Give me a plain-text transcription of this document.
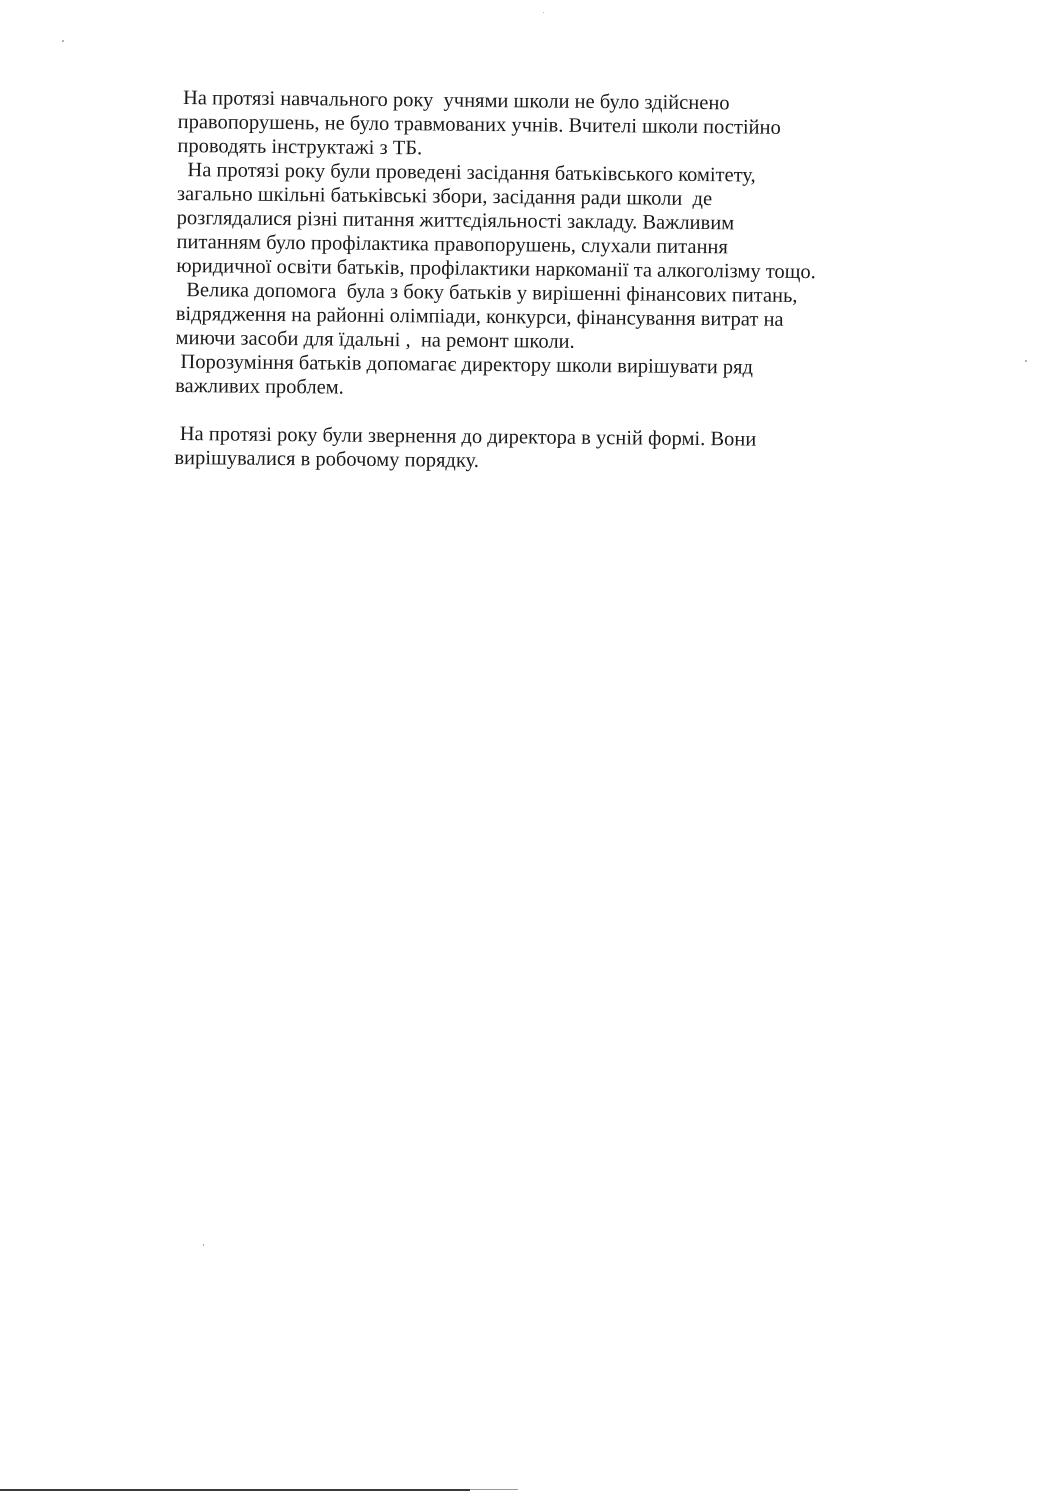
На протязі навчального року  учнями школи не було здійснено
правопорушень, не було травмованих учнів. Вчителі школи постійно
проводять інструктажі з ТБ.
На протязі року були проведені засідання батьківського комітету,
загально шкільні батьківські збори, засідання ради школи  де
розглядалися різні питання життєдіяльності закладу. Важливим
питанням було профілактика правопорушень, слухали питання
юридичної освіти батьків, профілактики наркоманії та алкоголізму тощо.
Велика допомога  була з боку батьків у вирішенні фінансових питань,
відрядження на районні олімпіади, конкурси, фінансування витрат на
миючи засоби для їдальні ,  на ремонт школи.
Порозуміння батьків допомагає директору школи вирішувати ряд
важливих проблем.
На протязі року були звернення до директора в усній формі. Вони
вирішувалися в робочому порядку.
